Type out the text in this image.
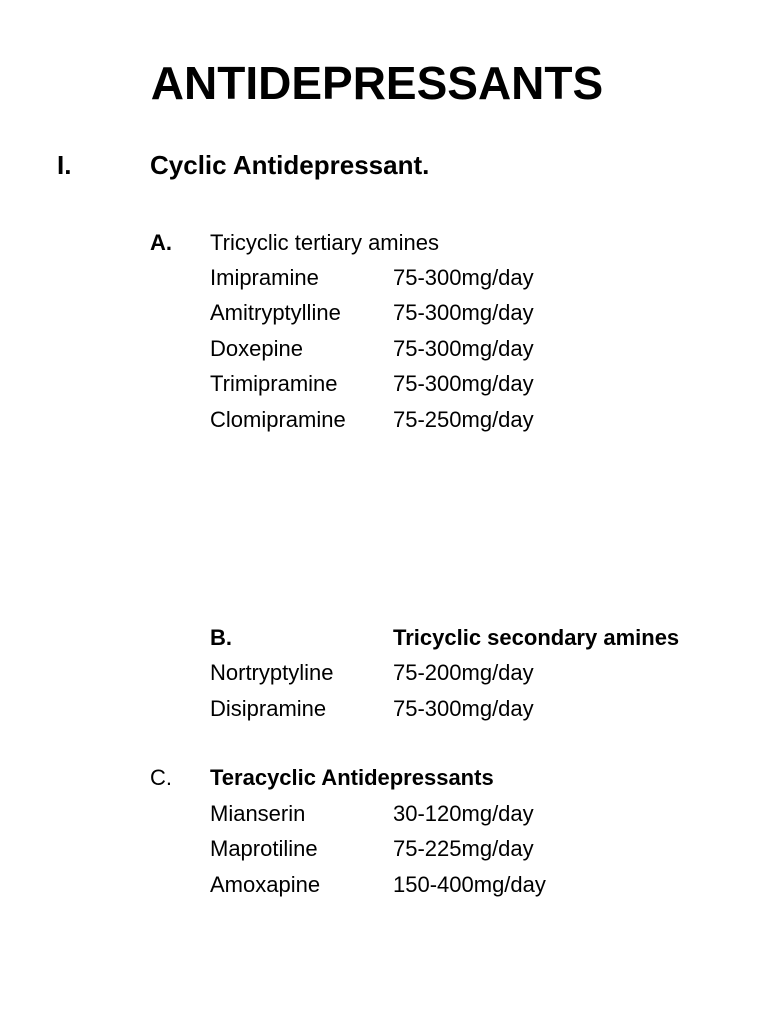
ANTIDEPRESSANTS
I.	Cyclic Antidepressant.
A. Tricyclic tertiary amines
Imipramine	75-300mg/day
Amitryptylline 75-300mg/day
Doxepine	75-300mg/day
Trimipramine	75-300mg/day
Clomipramine 75-250mg/day
B.	Tricyclic secondary amines
Nortryptyline	75-200mg/day
Disipramine	75-300mg/day
C. Teracyclic Antidepressants
Mianserin	30-120mg/day
Maprotiline	75-225mg/day
Amoxapine	150-400mg/day
